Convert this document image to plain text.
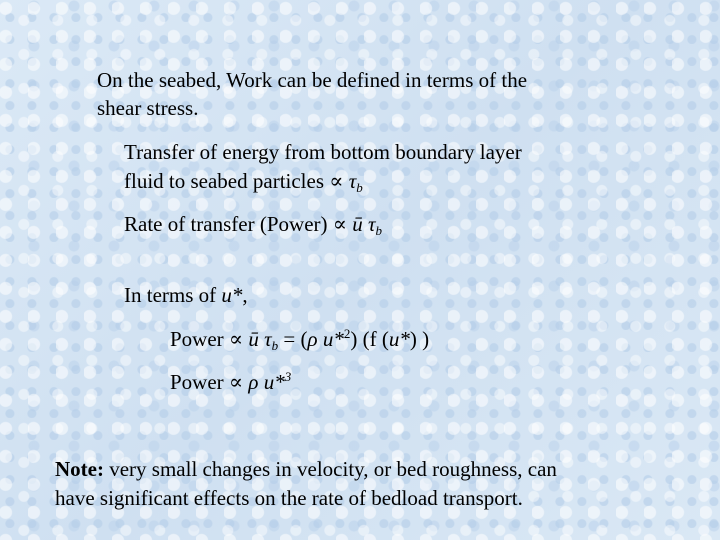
On the seabed, Work can be defined in terms of the
shear stress.
Transfer of energy from bottom boundary layer
fluid to seabed particles ∝ $\tau_b$
Rate of transfer (Power) ∝ ū $\tau_b$
In terms of u*,
Power ∝ ū $\tau_b = (\rho$ u*$^2$) (f (u*) )
Power ∝ ρ u*$^3$
Note: very small changes in velocity, or bed roughness, can
have significant effects on the rate of bedload transport.
